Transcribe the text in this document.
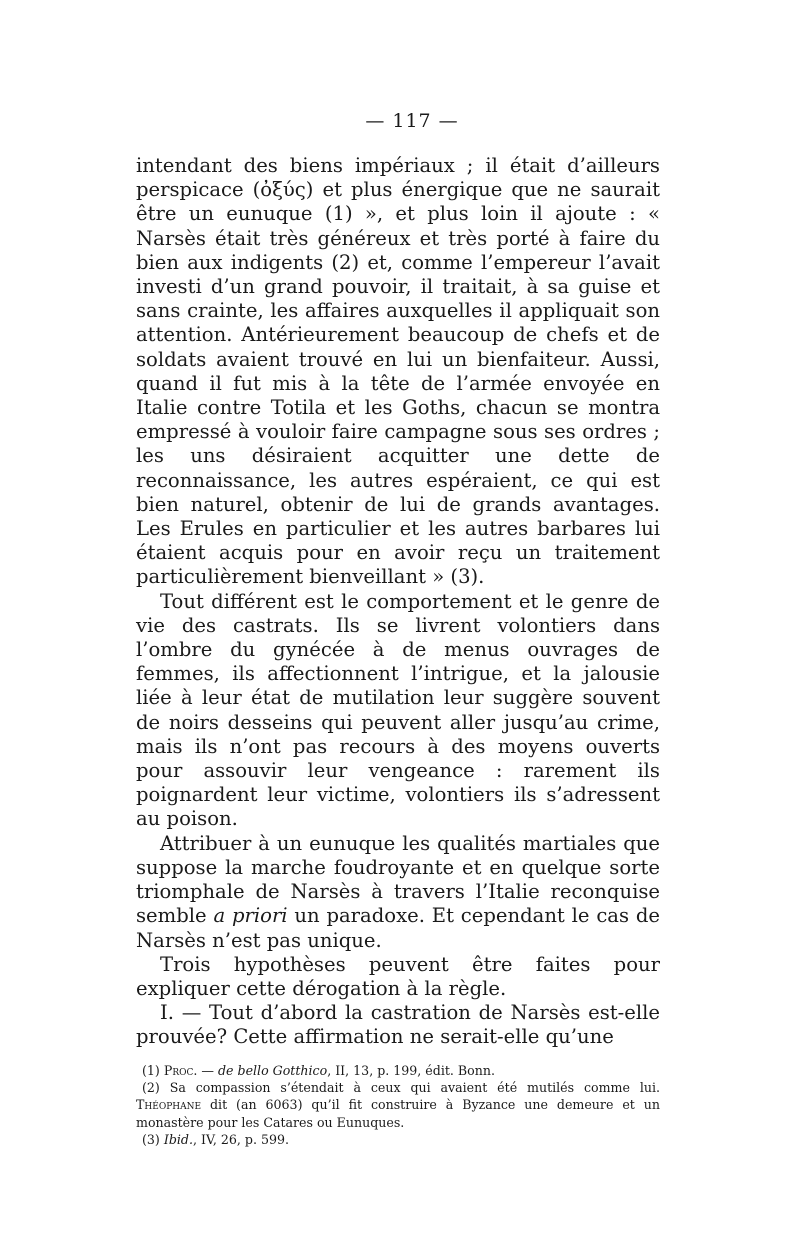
— 117 —

intendant des biens impériaux ; il était d’ailleurs perspicace (ὀξύς) et plus énergique que ne saurait être un eunuque (1) », et plus loin il ajoute : « Narsès était très généreux et très porté à faire du bien aux indigents (2) et, comme l’empereur l’avait investi d’un grand pouvoir, il traitait, à sa guise et sans crainte, les affaires auxquelles il appliquait son attention. Antérieurement beaucoup de chefs et de soldats avaient trouvé en lui un bienfaiteur. Aussi, quand il fut mis à la tête de l’armée envoyée en Italie contre Totila et les Goths, chacun se montra empressé à vouloir faire campagne sous ses ordres ; les uns désiraient acquitter une dette de reconnaissance, les autres espéraient, ce qui est bien naturel, obtenir de lui de grands avantages. Les Erules en particulier et les autres barbares lui étaient acquis pour en avoir reçu un traitement particulièrement bienveillant » (3).

Tout différent est le comportement et le genre de vie des castrats. Ils se livrent volontiers dans l’ombre du gynécée à de menus ouvrages de femmes, ils affectionnent l’intrigue, et la jalousie liée à leur état de mutilation leur suggère souvent de noirs desseins qui peuvent aller jusqu’au crime, mais ils n’ont pas recours à des moyens ouverts pour assouvir leur vengeance : rarement ils poignardent leur victime, volontiers ils s’adressent au poison.

Attribuer à un eunuque les qualités martiales que suppose la marche foudroyante et en quelque sorte triomphale de Narsès à travers l’Italie reconquise semble a priori un paradoxe. Et cependant le cas de Narsès n’est pas unique.

Trois hypothèses peuvent être faites pour expliquer cette dérogation à la règle.

I. — Tout d’abord la castration de Narsès est-elle prouvée? Cette affirmation ne serait-elle qu’une

(1) Proc. — de bello Gotthico, II, 13, p. 199, édit. Bonn.

(2) Sa compassion s’étendait à ceux qui avaient été mutilés comme lui. Théophane dit (an 6063) qu’il fit construire à Byzance une demeure et un monastère pour les Catares ou Eunuques.

(3) Ibid., IV, 26, p. 599.
